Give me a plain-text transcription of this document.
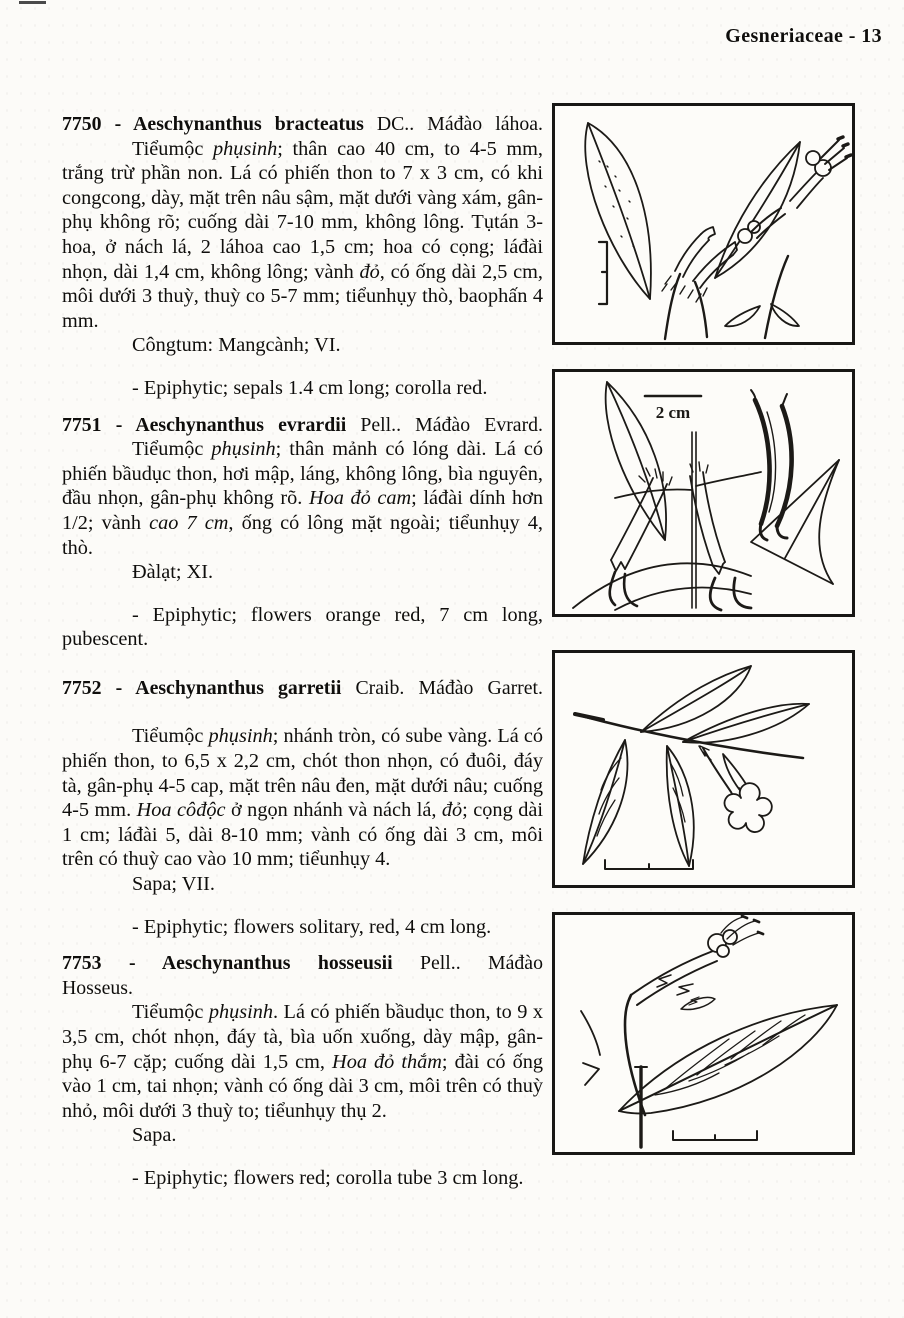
Gesneriaceae - 13
7750 - Aeschynanthus bracteatus DC.. Máđào láhoa.

Tiểumộc phụsinh; thân cao 40 cm, to 4-5 mm, trắng trừ phần non. Lá có phiến thon to 7 x 3 cm, có khi congcong, dày, mặt trên nâu sậm, mặt dưới vàng xám, gân-phụ không rõ; cuống dài 7-10 mm, không lông. Tụtán 3-hoa, ở nách lá, 2 láhoa cao 1,5 cm; hoa có cọng; láđài nhọn, dài 1,4 cm, không lông; vành đỏ, có ống dài 2,5 cm, môi dưới 3 thuỳ, thuỳ co 5-7 mm; tiểunhụy thò, baophấn 4 mm.

Côngtum: Mangcành; VI.

- Epiphytic; sepals 1.4 cm long; corolla red.

7751 - Aeschynanthus evrardii Pell.. Máđào Evrard.

Tiểumộc phụsinh; thân mảnh có lóng dài. Lá có phiến bầudục thon, hơi mập, láng, không lông, bìa nguyên, đầu nhọn, gân-phụ không rõ. Hoa đỏ cam; láđài dính hơn 1/2; vành cao 7 cm, ống có lông mặt ngoài; tiểunhụy 4, thò.

Đàlạt; XI.

- Epiphytic; flowers orange red, 7 cm long, pubescent.

7752 - Aeschynanthus garretii Craib. Máđào Garret.

Tiểumộc phụsinh; nhánh tròn, có sube vàng. Lá có phiến thon, to 6,5 x 2,2 cm, chót thon nhọn, có đuôi, đáy tà, gân-phụ 4-5 cap, mặt trên nâu đen, mặt dưới nâu; cuống 4-5 mm. Hoa côđộc ở ngọn nhánh và nách lá, đỏ; cọng dài 1 cm; láđài 5, dài 8-10 mm; vành có ống dài 3 cm, môi trên có thuỳ cao vào 10 mm; tiểunhụy 4.

Sapa; VII.

- Epiphytic; flowers solitary, red, 4 cm long.

7753 - Aeschynanthus hosseusii Pell.. Máđào
Hosseus.

Tiểumộc phụsinh. Lá có phiến bầudục thon, to 9 x 3,5 cm, chót nhọn, đáy tà, bìa uốn xuống, dày mập, gân-phụ 6-7 cặp; cuống dài 1,5 cm, Hoa đỏ thắm; đài có ống vào 1 cm, tai nhọn; vành có ống dài 3 cm, môi trên có thuỳ nhỏ, môi dưới 3 thuỳ to; tiểunhụy thụ 2.

Sapa.

- Epiphytic; flowers red; corolla tube 3 cm long.

2 cm
